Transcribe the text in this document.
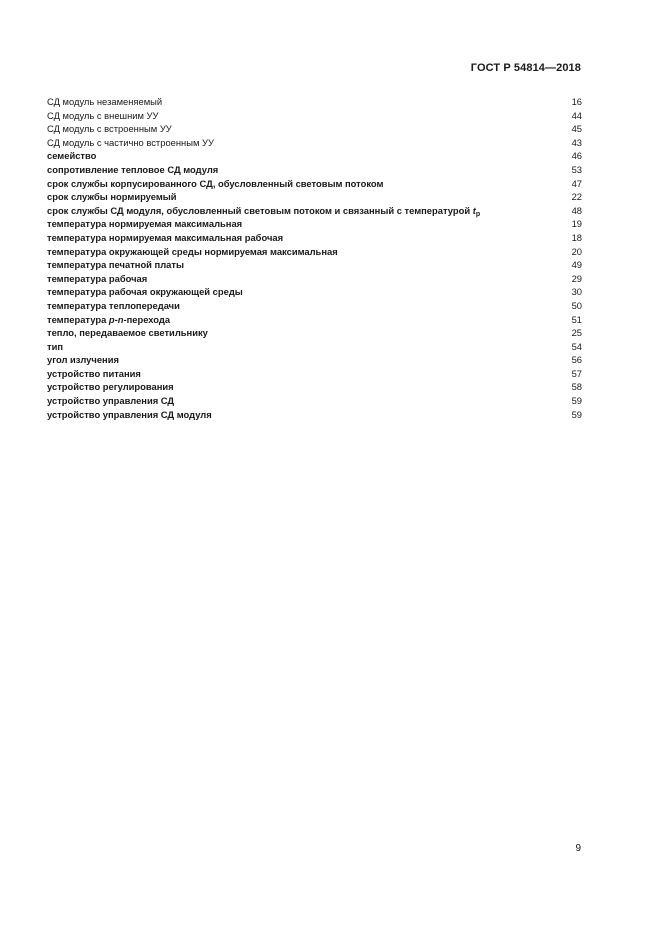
ГОСТ Р 54814—2018
СД модуль незаменяемый	16
СД модуль с внешним УУ	44
СД модуль с встроенным УУ	45
СД модуль с частично встроенным УУ	43
семейство	46
сопротивление тепловое СД модуля	53
срок службы корпусированного СД, обусловленный световым потоком	47
срок службы нормируемый	22
срок службы СД модуля, обусловленный световым потоком и связанный с температурой $t_p$	48
температура нормируемая максимальная	19
температура нормируемая максимальная рабочая	18
температура окружающей среды нормируемая максимальная	20
температура печатной платы	49
температура рабочая	29
температура рабочая окружающей среды	30
температура теплопередачи	50
температура p-n-перехода	51
тепло, передаваемое светильнику	25
тип	54
угол излучения	56
устройство питания	57
устройство регулирования	58
устройство управления СД	59
устройство управления СД модуля	59
9
